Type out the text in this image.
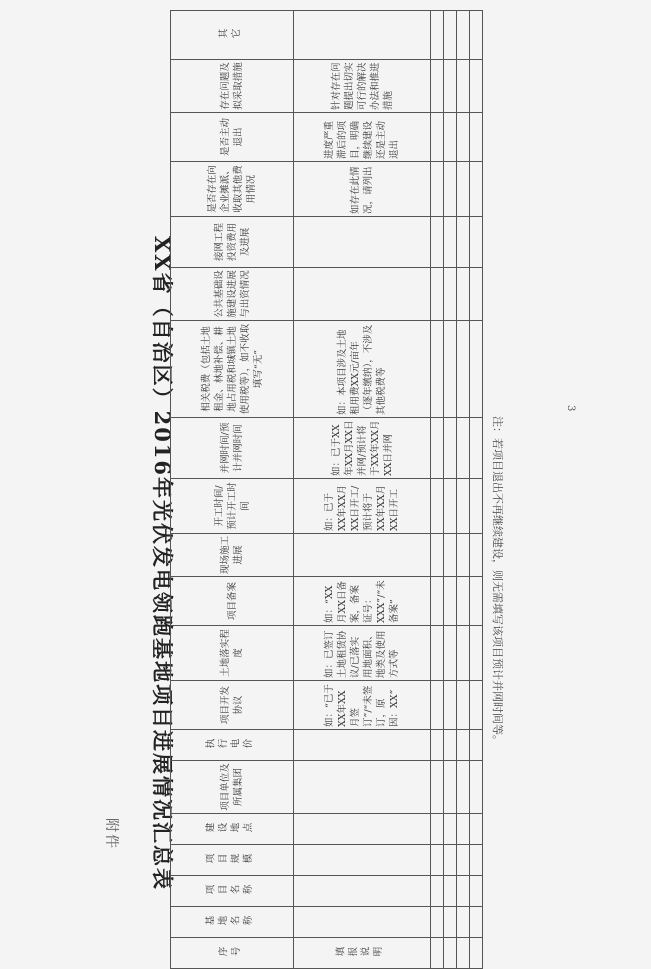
附件 XX省（自治区）2016年光伏发电领跑基地项目进展情况汇总表
序号	基地名称	项目名称	项目规模	建设地点	项目单位及所属集团	执行电价	项目开发协议	土地落实程度	项目备案	现场施工进展	开工时间/预计开工时间	并网时间/预计并网时间	相关税费（包括土地租金、林地补偿、耕地占用税和城镇土地使用税等），如不收取填写“无”	公共基础设施建设进展与出资情况	接网工程投资费用及进展	是否存在向企业摊派、收取其他费用情况	是否主动退出	存在问题及拟采取措施	其它
填报说明							如：“已于XX年XX月签订”/“未签订，原因：XX”	如：已签订土地租赁协议/已落实用地面积、地类及使用方式等	如：“XX月XX日备案，备案证号：XXX”/“未备案”		如：已于XX年XX月XX日开工/预计将于XX年XX月XX日开工	如：已于XX年XX月XX日并网/预计将于XX年XX月XX日并网	如：本项目涉及土地租用费XX元/亩年（逐年缴纳），不涉及其他税费等			如存在此情况，请列出	进度严重滞后的项目，明确继续建设还是主动退出	针对存在问题提出切实可行的解决办法和推进措施	

注：若项目退出不再继续建设，则无需填写该项目预计并网时间等。
3
